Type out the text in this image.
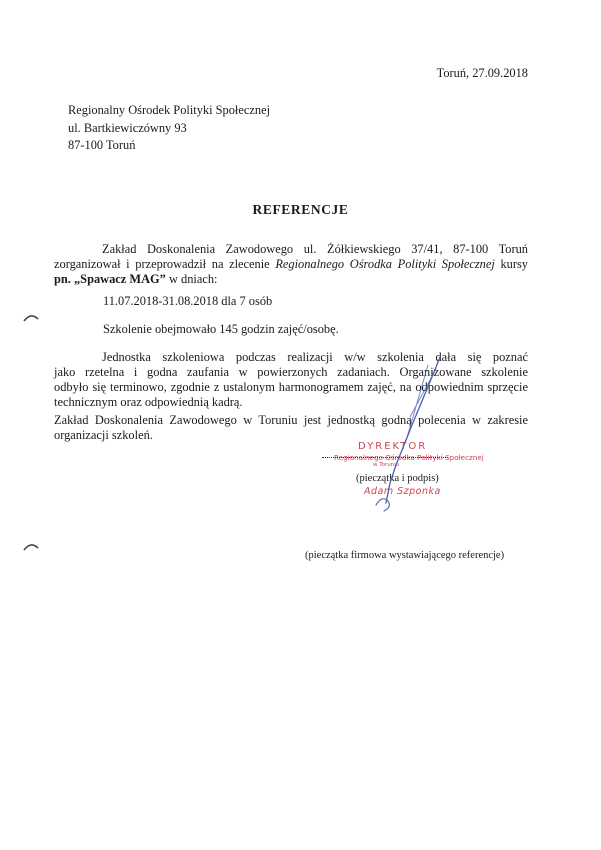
Toruń, 27.09.2018
Regionalny Ośrodek Polityki Społecznej
ul. Bartkiewiczówny 93
87-100 Toruń
REFERENCJE
Zakład Doskonalenia Zawodowego ul. Żółkiewskiego 37/41, 87-100 Toruń
zorganizował i przeprowadził na zlecenie Regionalnego Ośrodka Polityki Społecznej kursy
pn. „Spawacz MAG” w dniach:
11.07.2018-31.08.2018 dla 7 osób
Szkolenie obejmowało 145 godzin zajęć/osobę.
Jednostka szkoleniowa podczas realizacji w/w szkolenia dała się poznać
jako rzetelna i godna zaufania w powierzonych zadaniach. Organizowane szkolenie
odbyło się terminowo, zgodnie z ustalonym harmonogramem zajęć, na odpowiednim sprzęcie
technicznym oraz odpowiednią kadrą.
Zakład Doskonalenia Zawodowego w Toruniu jest jednostką godną polecenia w zakresie
organizacji szkoleń.
DYREKTOR
Regionalnego Ośrodka Polityki Społecznej
w Toruniu
(pieczątka i podpis)
Adam Szponka
(pieczątka firmowa wystawiającego referencje)
